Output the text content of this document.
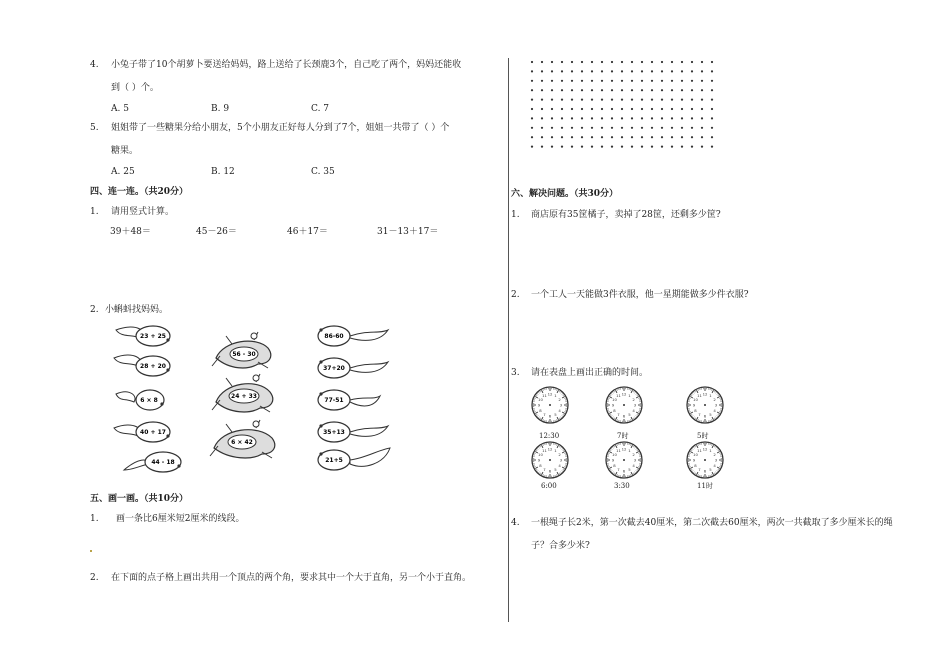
4. 小兔子带了10个胡萝卜要送给妈妈，路上送给了长颈鹿3个，自己吃了两个，妈妈还能收
到（ ）个。
A. 5	B. 9	C. 7
5. 姐姐带了一些糖果分给小朋友，5个小朋友正好每人分到了7个，姐姐一共带了（ ）个
糖果。
A. 25	B. 12	C. 35
四、连一连。（共20分）
1. 请用竖式计算。
39＋48＝	45－26＝	46＋17＝	31－13＋17＝
2. 小蝌蚪找妈妈。
23 + 25
28 + 20
6 × 8
40 + 17
44 - 18
56 - 30
24 + 33
6 × 42
86-60
37+20
77-51
35+13
21+5
五、画一画。（共10分）
1. 画一条比6厘米短2厘米的线段。
2. 在下面的点子格上画出共用一个顶点的两个角，要求其中一个大于直角，另一个小于直角。
六、解决问题。（共30分）
1. 商店原有35筐橘子，卖掉了28筐，还剩多少筐?
2. 一个工人一天能做3件衣服，他一星期能做多少件衣服?
3. 请在表盘上画出正确的时间。
1
2
3
4
5
6
7
8
9
10
11 12
12:30
1
2
3
4
5
6
7
8
9
10
11 12
7时
1
2
3
4
5
6
7
8
9
10
11 12
5时
1
2
3
4
5
6
7
8
9
10
11 12
6:00
1
2
3
4
5
6
7
8
9
10
11 12
3:30
1
2
3
4
5
6
7
8
9
10
11 12
11时
4. 一根绳子长2米，第一次截去40厘米，第二次截去60厘米，两次一共截取了多少厘米长的绳
子？合多少米?
